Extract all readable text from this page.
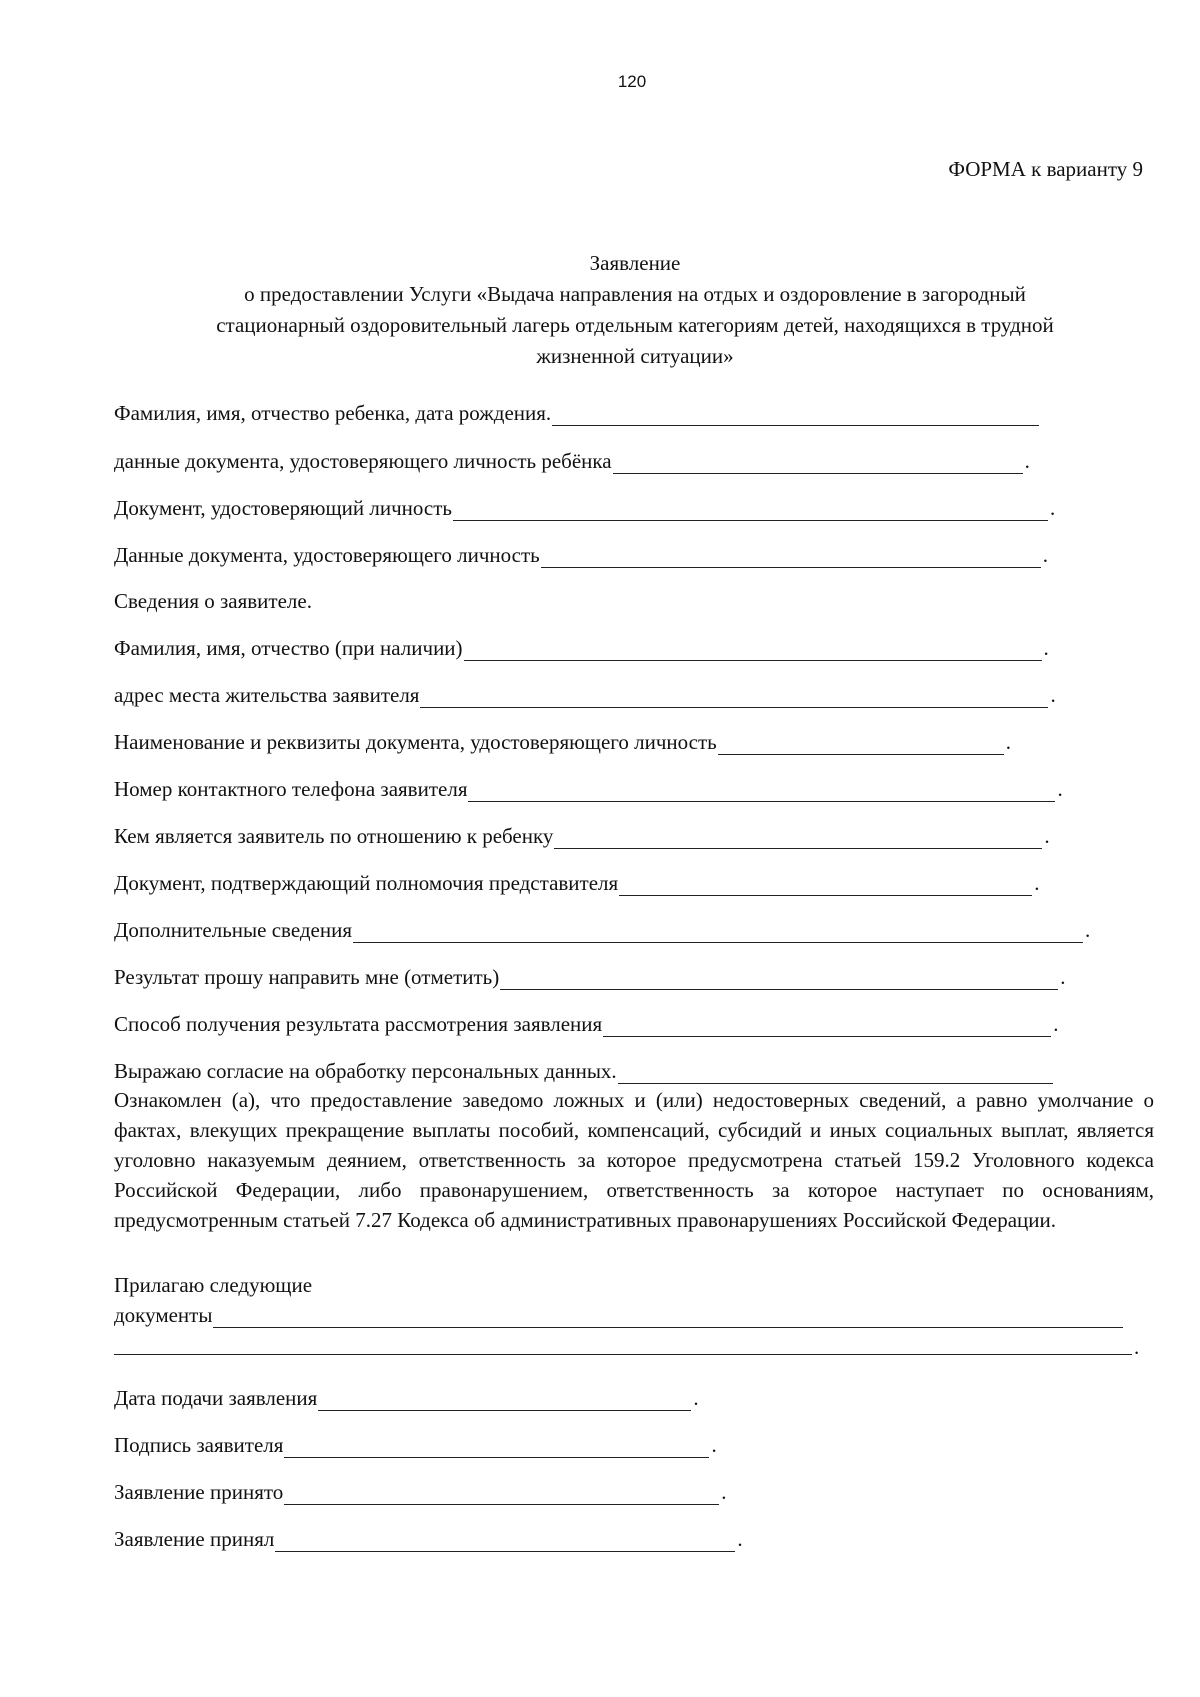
120
ФОРМА к варианту 9
Заявление
о предоставлении Услуги «Выдача направления на отдых и оздоровление в загородный
стационарный оздоровительный лагерь отдельным категориям детей, находящихся в трудной
жизненной ситуации»
Фамилия, имя, отчество ребенка, дата рождения.
данные документа, удостоверяющего личность ребёнка	.
Документ, удостоверяющий личность	.
Данные документа, удостоверяющего личность	.
Сведения о заявителе.
Фамилия, имя, отчество (при наличии)	.
адрес места жительства заявителя	.
Наименование и реквизиты документа, удостоверяющего личность	.
Номер контактного телефона заявителя	.
Кем является заявитель по отношению к ребенку	.
Документ, подтверждающий полномочия представителя	.
Дополнительные сведения	.
Результат прошу направить мне (отметить)	.
Способ получения результата рассмотрения заявления	.
Выражаю согласие на обработку персональных данных.
Ознакомлен (а), что предоставление заведомо ложных и (или) недостоверных сведений, а равно умолчание о фактах, влекущих прекращение выплаты пособий, компенсаций, субсидий и иных социальных выплат, является уголовно наказуемым деянием, ответственность за которое предусмотрена статьей 159.2 Уголовного кодекса Российской Федерации, либо правонарушением, ответственность за которое наступает по основаниям, предусмотренным статьей 7.27 Кодекса об административных правонарушениях Российской Федерации.
Прилагаю следующие
документы
.
Дата подачи заявления	.
Подпись заявителя	.
Заявление принято	.
Заявление принял	.
